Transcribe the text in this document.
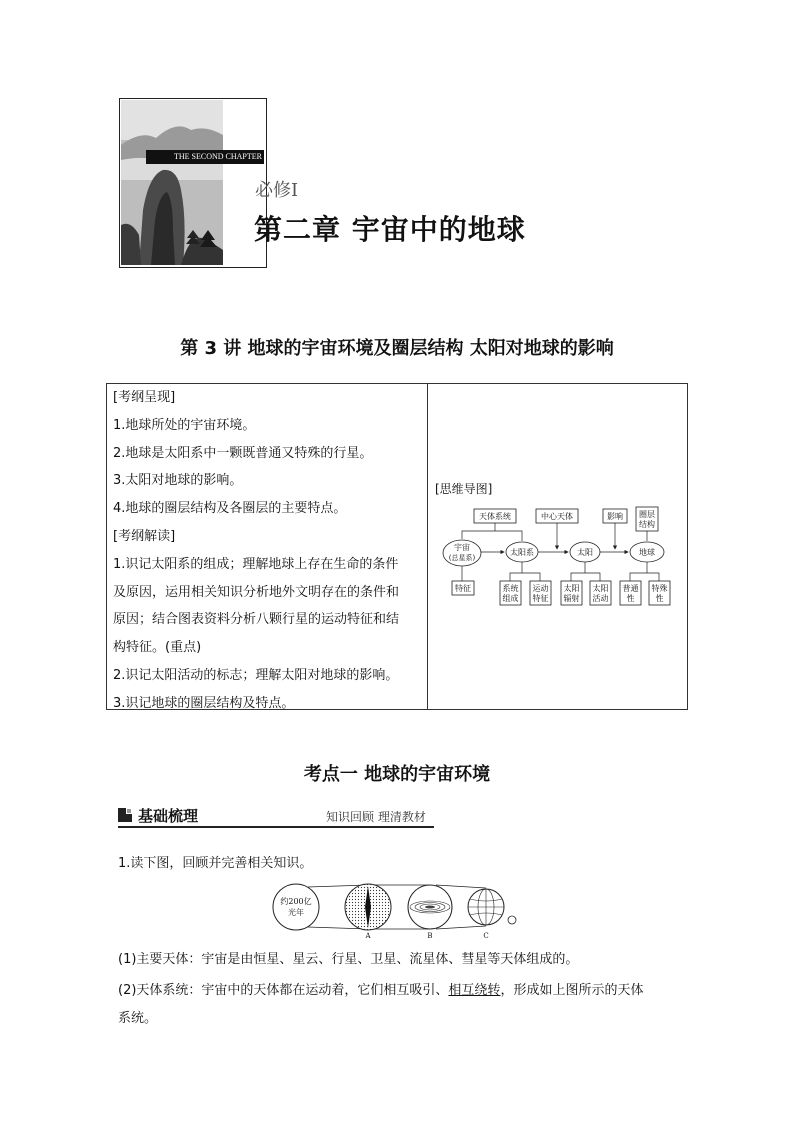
THE SECOND CHAPTER
必修Ⅰ
第二章 宇宙中的地球
第 3 讲 地球的宇宙环境及圈层结构 太阳对地球的影响
[考纲呈现]
1.地球所处的宇宙环境。
2.地球是太阳系中一颗既普通又特殊的行星。
3.太阳对地球的影响。
4.地球的圈层结构及各圈层的主要特点。
[考纲解读]
1.识记太阳系的组成；理解地球上存在生命的条件
及原因，运用相关知识分析地外文明存在的条件和
原因；结合图表资料分析八颗行星的运动特征和结
构特征。(重点)
2.识记太阳活动的标志；理解太阳对地球的影响。
3.识记地球的圈层结构及特点。
[思维导图]
天体系统	中心天体	影响 圈层
结构
宇宙
(总星系)
太阳系	太阳	地球
特征	系统
组成
运动
特征
太阳
辐射
太阳
活动
普通
性
特殊
性
考点一 地球的宇宙环境
基础梳理	知识回顾 理清教材
1.读下图，回顾并完善相关知识。
约200亿
光年
A	B	C
(1)主要天体：宇宙是由恒星、星云、行星、卫星、流星体、彗星等天体组成的。
(2)天体系统：宇宙中的天体都在运动着，它们相互吸引、相互绕转，形成如上图所示的天体
系统。
